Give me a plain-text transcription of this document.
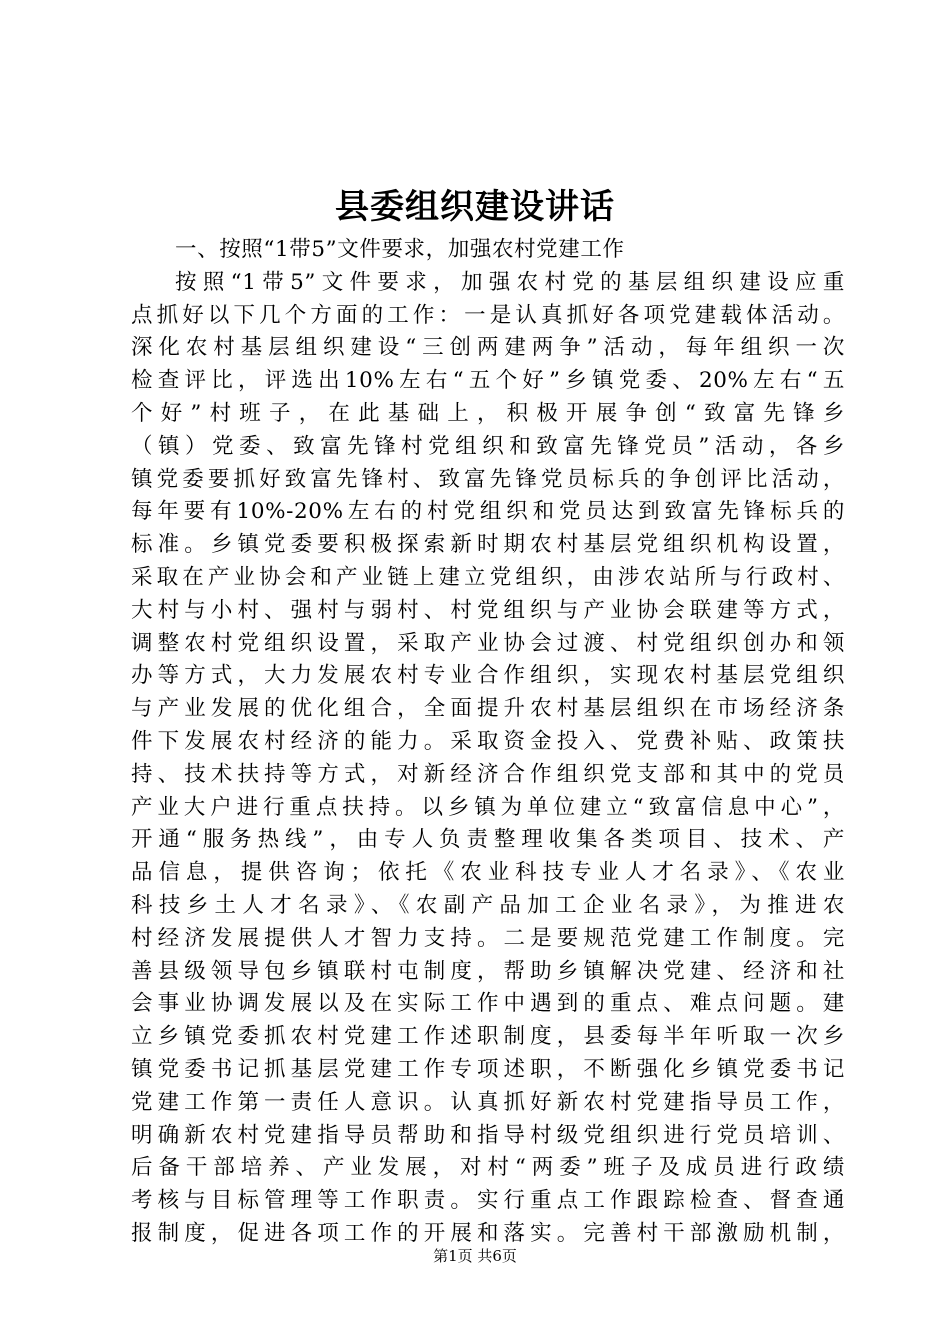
县委组织建设讲话
一、按照“1带5”文件要求，加强农村党建工作
按照“1带5”文件要求，加强农村党的基层组织建设应重
点抓好以下几个方面的工作：一是认真抓好各项党建载体活动。
深化农村基层组织建设“三创两建两争”活动，每年组织一次
检查评比，评选出10%左右“五个好”乡镇党委、20%左右“五
个好”村班子，在此基础上，积极开展争创“致富先锋乡
（镇）党委、致富先锋村党组织和致富先锋党员”活动，各乡
镇党委要抓好致富先锋村、致富先锋党员标兵的争创评比活动，
每年要有10%-20%左右的村党组织和党员达到致富先锋标兵的
标准。乡镇党委要积极探索新时期农村基层党组织机构设置，
采取在产业协会和产业链上建立党组织，由涉农站所与行政村、
大村与小村、强村与弱村、村党组织与产业协会联建等方式，
调整农村党组织设置，采取产业协会过渡、村党组织创办和领
办等方式，大力发展农村专业合作组织，实现农村基层党组织
与产业发展的优化组合，全面提升农村基层组织在市场经济条
件下发展农村经济的能力。采取资金投入、党费补贴、政策扶
持、技术扶持等方式，对新经济合作组织党支部和其中的党员
产业大户进行重点扶持。以乡镇为单位建立“致富信息中心”，
开通“服务热线”，由专人负责整理收集各类项目、技术、产
品信息，提供咨询；依托《农业科技专业人才名录》、《农业
科技乡土人才名录》、《农副产品加工企业名录》，为推进农
村经济发展提供人才智力支持。二是要规范党建工作制度。完
善县级领导包乡镇联村屯制度，帮助乡镇解决党建、经济和社
会事业协调发展以及在实际工作中遇到的重点、难点问题。建
立乡镇党委抓农村党建工作述职制度，县委每半年听取一次乡
镇党委书记抓基层党建工作专项述职，不断强化乡镇党委书记
党建工作第一责任人意识。认真抓好新农村党建指导员工作，
明确新农村党建指导员帮助和指导村级党组织进行党员培训、
后备干部培养、产业发展，对村“两委”班子及成员进行政绩
考核与目标管理等工作职责。实行重点工作跟踪检查、督查通
报制度，促进各项工作的开展和落实。完善村干部激励机制，
第1页 共6页
